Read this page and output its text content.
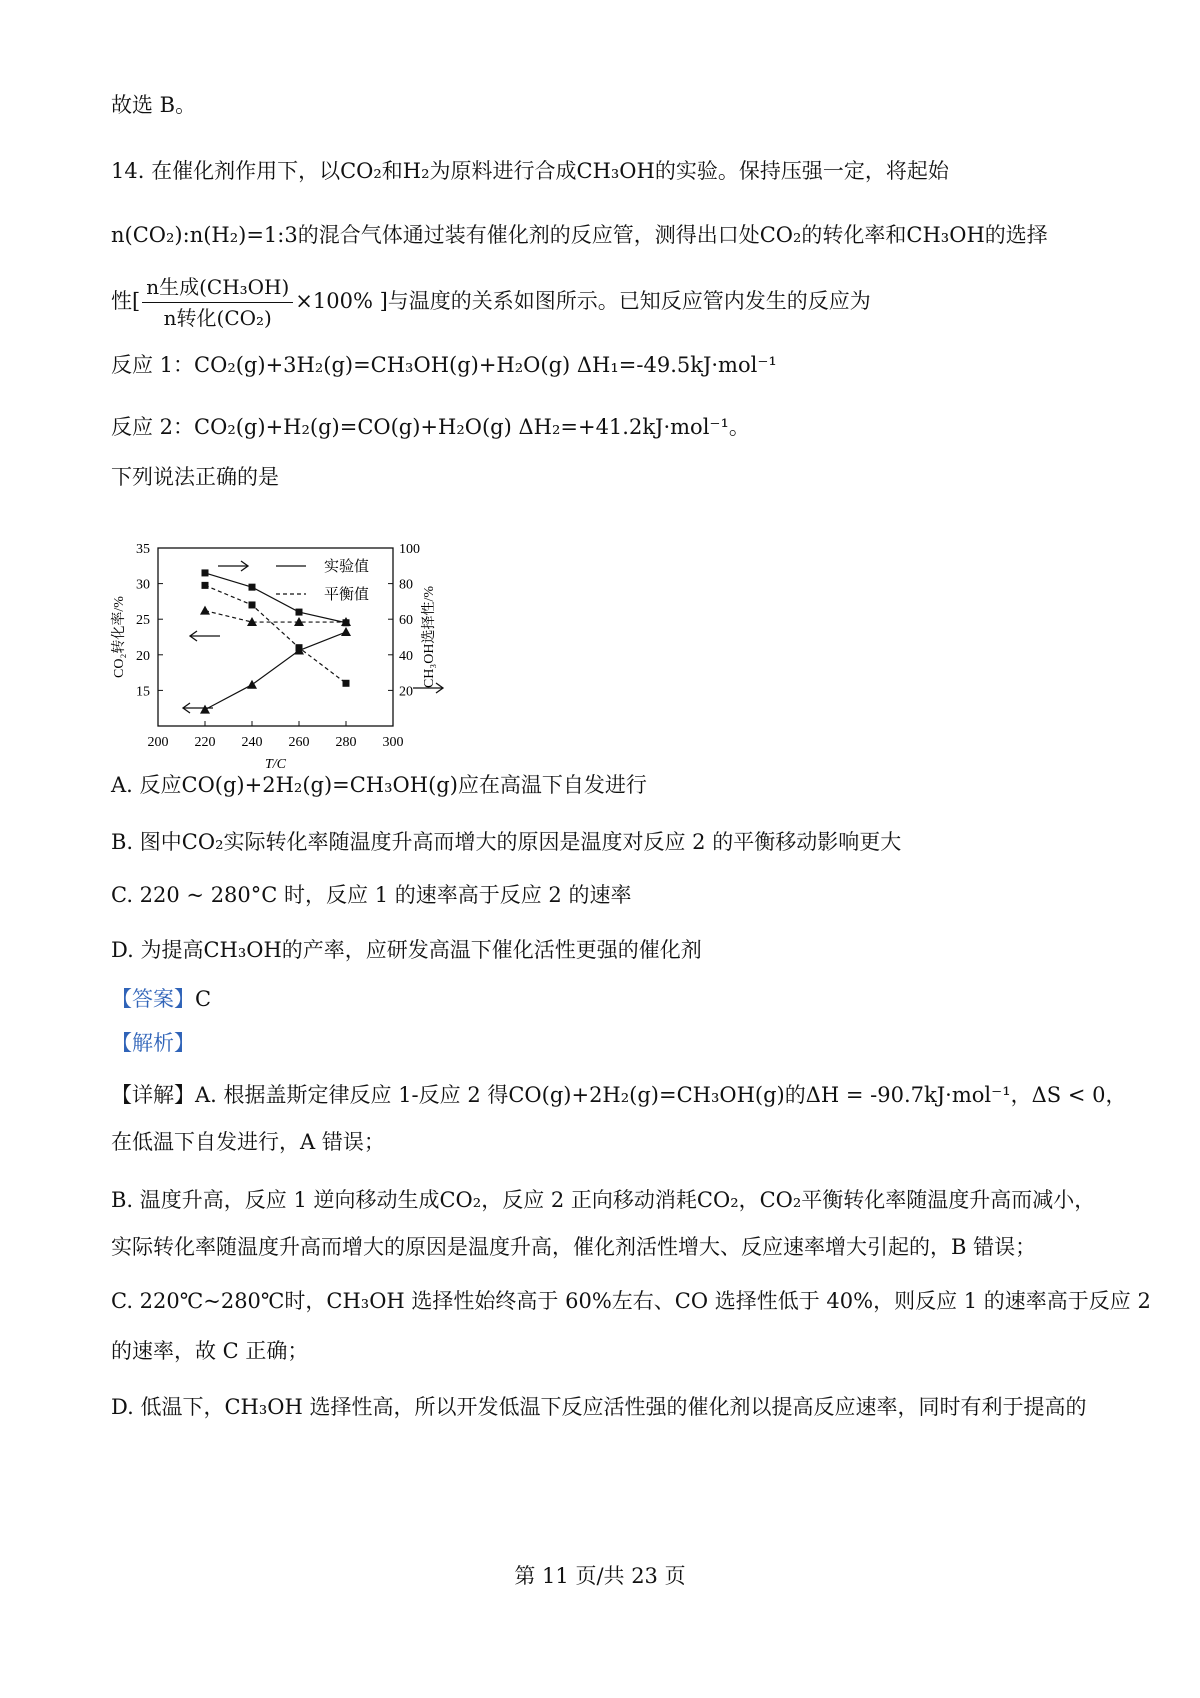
故选 B。
14. 在催化剂作用下，以CO₂和H₂为原料进行合成CH₃OH的实验。保持压强一定，将起始
n(CO₂):n(H₂)=1:3的混合气体通过装有催化剂的反应管，测得出口处CO₂的转化率和CH₃OH的选择
性[ $\frac{\text{n生成(CH₃OH)}}{\text{n转化(CO₂)}} \times 100\%$ ]与温度的关系如图所示。已知反应管内发生的反应为
反应 1：CO₂(g)+3H₂(g)=CH₃OH(g)+H₂O(g) ΔH₁=-49.5kJ·mol⁻¹
反应 2：CO₂(g)+H₂(g)=CO(g)+H₂O(g) ΔH₂=+41.2kJ·mol⁻¹。
下列说法正确的是
200 220 240 260 280 300
15
20
25
30
35
20
40
60
80
100
T/C
CO₂转化率/%	CH₃OH选择性/%
实验值
平衡值
A. 反应CO(g)+2H₂(g)=CH₃OH(g)应在高温下自发进行
B. 图中CO₂实际转化率随温度升高而增大的原因是温度对反应 2 的平衡移动影响更大
C. 220 ~ 280°C 时，反应 1 的速率高于反应 2 的速率
D. 为提高CH₃OH的产率，应研发高温下催化活性更强的催化剂
【答案】C
【解析】
【详解】A. 根据盖斯定律反应 1-反应 2 得CO(g)+2H₂(g)=CH₃OH(g)的ΔH = -90.7kJ·mol⁻¹，ΔS < 0，
在低温下自发进行，A 错误；
B. 温度升高，反应 1 逆向移动生成CO₂，反应 2 正向移动消耗CO₂，CO₂平衡转化率随温度升高而减小，
实际转化率随温度升高而增大的原因是温度升高，催化剂活性增大、反应速率增大引起的，B 错误；
C. 220℃~280℃时，CH₃OH 选择性始终高于 60%左右、CO 选择性低于 40%，则反应 1 的速率高于反应 2
的速率，故 C 正确；
D. 低温下，CH₃OH 选择性高，所以开发低温下反应活性强的催化剂以提高反应速率，同时有利于提高的
第 11 页/共 23 页
